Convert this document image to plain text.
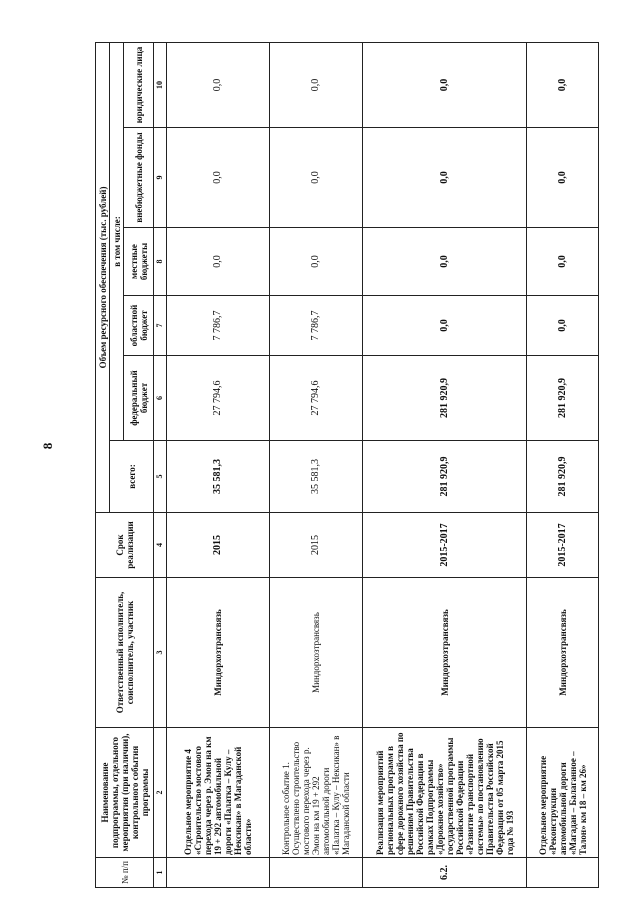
8
№ п/п	Наименование подпрограммы, отдельного мероприятия (при наличии), контрольного события программы	Ответственный исполнитель, соисполнитель, участник	Срок реализации	Объем ресурсного обеспечения (тыс. рублей)					
				всего:	в том числе:				
					федеральный бюджет	областной бюджет	местные бюджеты	внебюджетные фонды	юридические лица
1	2	3	4	5	6	7	8	9	10
	Отдельное мероприятие 4 «Строительство мостового перехода через р. Эмон на км 19 + 292 автомобильной дороги «Палатка – Кулу – Нексикан» в Магаданской области»	Миндорхозтрансвязь	2015	35 581,3	27 794,6	7 786,7	0,0	0,0	0,0
	Контрольное событие 1. Осуществлено строительство мостового перехода через р. Эмон на км 19 + 292 автомобильной дороги «Палатка – Кулу – Нексикан» в Магаданской области	Миндорхозтрансвязь	2015	35 581,3	27 794,6	7 786,7	0,0	0,0	0,0
6.2.	Реализация мероприятий региональных программ в сфере дорожного хозяйства по решениям Правительства Российской Федерации в рамках Подпрограммы «Дорожное хозяйство» государственной программы Российской Федерации «Развитие транспортной системы» по постановлению Правительства Российской Федерации от 05 марта 2015 года № 193	Миндорхозтрансвязь	2015-2017	281 920,9	281 920,9	0,0	0,0	0,0	0,0
	Отдельное мероприятие «Реконструкция автомобильной дороги «Магадан – Балаганное – Талон» км 18 – км 26»	Миндорхозтрансвязь	2015-2017	281 920,9	281 920,9	0,0	0,0	0,0	0,0
